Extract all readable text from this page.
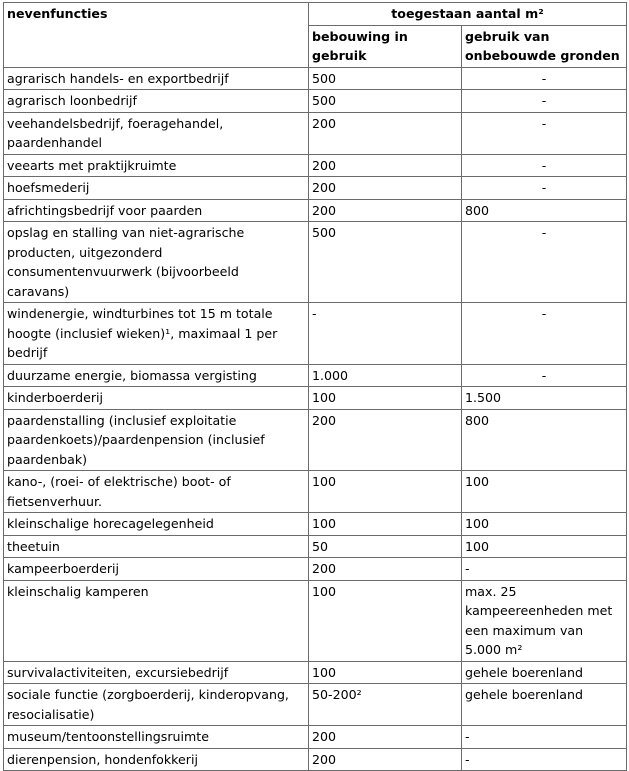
nevenfuncties	toegestaan aantal m²	
	bebouwing in gebruik	gebruik van onbebouwde gronden
agrarisch handels- en exportbedrijf	500	-
agrarisch loonbedrijf	500	-
veehandelsbedrijf, foeragehandel, paardenhandel	200	-
veearts met praktijkruimte	200	-
hoefsmederij	200	-
africhtingsbedrijf voor paarden	200	800
opslag en stalling van niet-agrarische producten, uitgezonderd consumentenvuurwerk (bijvoorbeeld caravans)	500	-
windenergie, windturbines tot 15 m totale hoogte (inclusief wieken)¹, maximaal 1 per bedrijf	-	-
duurzame energie, biomassa vergisting	1.000	-
kinderboerderij	100	1.500
paardenstalling (inclusief exploitatie paardenkoets)/paardenpension (inclusief paardenbak)	200	800
kano-, (roei- of elektrische) boot- of fietsenverhuur.	100	100
kleinschalige horecagelegenheid	100	100
theetuin	50	100
kampeerboerderij	200	-
kleinschalig kamperen	100	max. 25 kampeereenheden met een maximum van 5.000 m²
survivalactiviteiten, excursiebedrijf	100	gehele boerenland
sociale functie (zorgboerderij, kinderopvang, resocialisatie)	50-200²	gehele boerenland
museum/tentoonstellingsruimte	200	-
dierenpension, hondenfokkerij	200	-
